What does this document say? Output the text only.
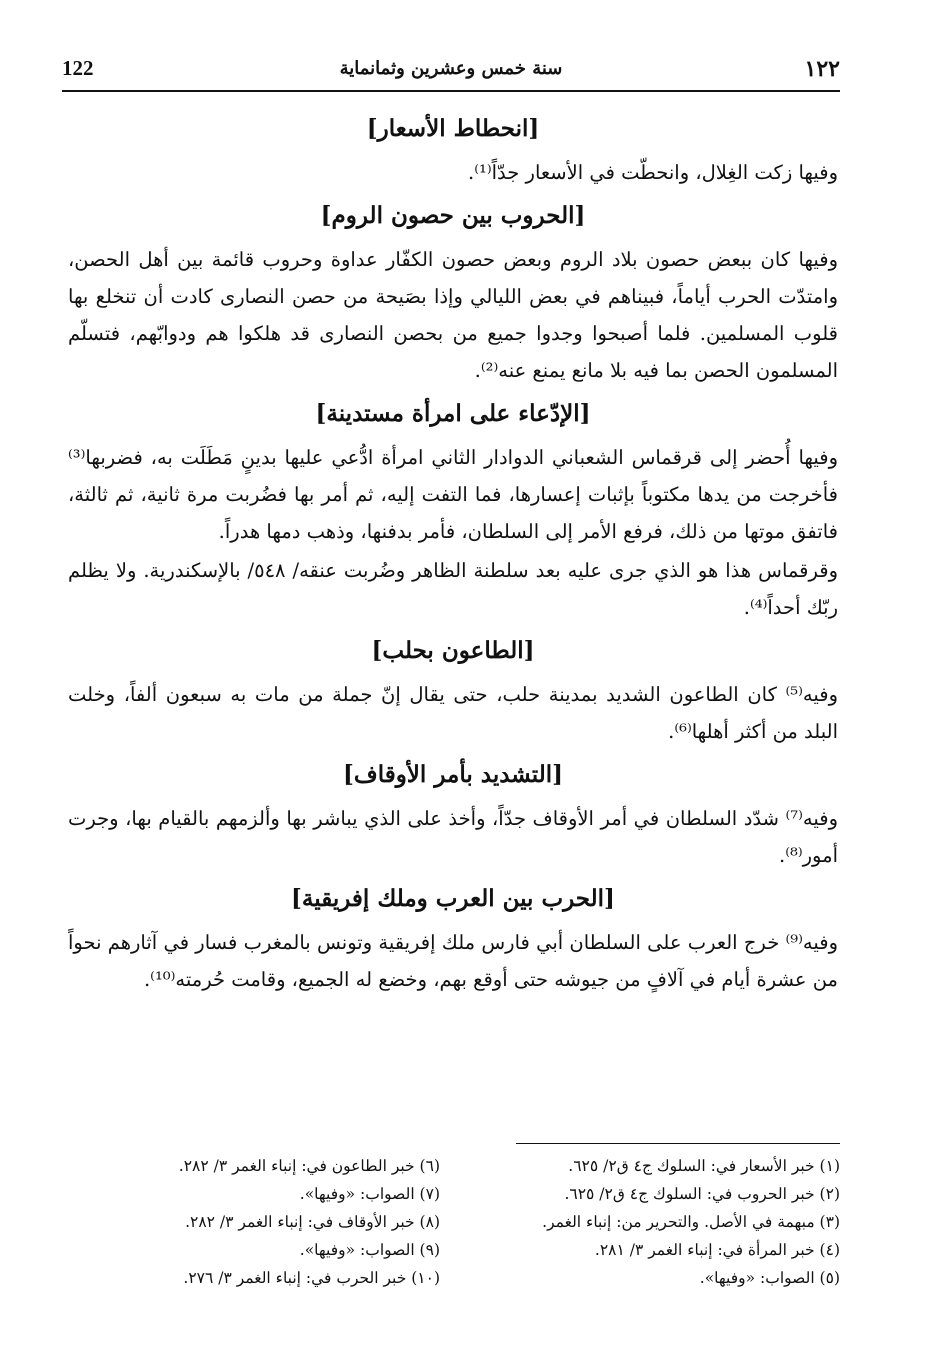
122	سنة خمس وعشرين وثمانماية	١٢٢
[انحطاط الأسعار]

وفيها زكت الغِلال، وانحطّت في الأسعار جدّاً⁽¹⁾.

[الحروب بين حصون الروم]

وفيها كان ببعض حصون بلاد الروم وبعض حصون الكفّار عداوة وحروب قائمة بين أهل الحصن، وامتدّت الحرب أياماً، فبيناهم في بعض الليالي وإذا بصَيحة من حصن النصارى كادت أن تنخلع بها قلوب المسلمين. فلما أصبحوا وجدوا جميع من بحصن النصارى قد هلكوا هم ودوابّهم، فتسلّم المسلمون الحصن بما فيه بلا مانع يمنع عنه⁽²⁾.

[الإدّعاء على امرأة مستدينة]

وفيها أُحضر إلى قرقماس الشعباني الدوادار الثاني امرأة ادُّعي عليها بدينٍ مَطَلَت به، فضربها⁽³⁾ فأخرجت من يدها مكتوباً بإثبات إعسارها، فما التفت إليه، ثم أمر بها فضُربت مرة ثانية، ثم ثالثة، فاتفق موتها من ذلك، فرفع الأمر إلى السلطان، فأمر بدفنها، وذهب دمها هدراً.

وقرقماس هذا هو الذي جرى عليه بعد سلطنة الظاهر وضُربت عنقه/ ٥٤٨/ بالإسكندرية. ولا يظلم ربّك أحداً⁽⁴⁾.

[الطاعون بحلب]

وفيه⁽⁵⁾ كان الطاعون الشديد بمدينة حلب، حتى يقال إنّ جملة من مات به سبعون ألفاً، وخلت البلد من أكثر أهلها⁽⁶⁾.

[التشديد بأمر الأوقاف]

وفيه⁽⁷⁾ شدّد السلطان في أمر الأوقاف جدّاً، وأخذ على الذي يباشر بها وألزمهم بالقيام بها، وجرت أمور⁽⁸⁾.

[الحرب بين العرب وملك إفريقية]

وفيه⁽⁹⁾ خرج العرب على السلطان أبي فارس ملك إفريقية وتونس بالمغرب فسار في آثارهم نحواً من عشرة أيام في آلافٍ من جيوشه حتى أوقع بهم، وخضع له الجميع، وقامت حُرمته⁽¹⁰⁾.

(١) خبر الأسعار في: السلوك ج٤ ق٢/ ٦٢٥.
(٢) خبر الحروب في: السلوك ج٤ ق٢/ ٦٢٥.
(٣) مبهمة في الأصل. والتحرير من: إنباء الغمر.
(٤) خبر المرأة في: إنباء الغمر ٣/ ٢٨١.
(٥) الصواب: «وفيها».
(٦) خبر الطاعون في: إنباء الغمر ٣/ ٢٨٢.
(٧) الصواب: «وفيها».
(٨) خبر الأوقاف في: إنباء الغمر ٣/ ٢٨٢.
(٩) الصواب: «وفيها».
(١٠) خبر الحرب في: إنباء الغمر ٣/ ٢٧٦.
